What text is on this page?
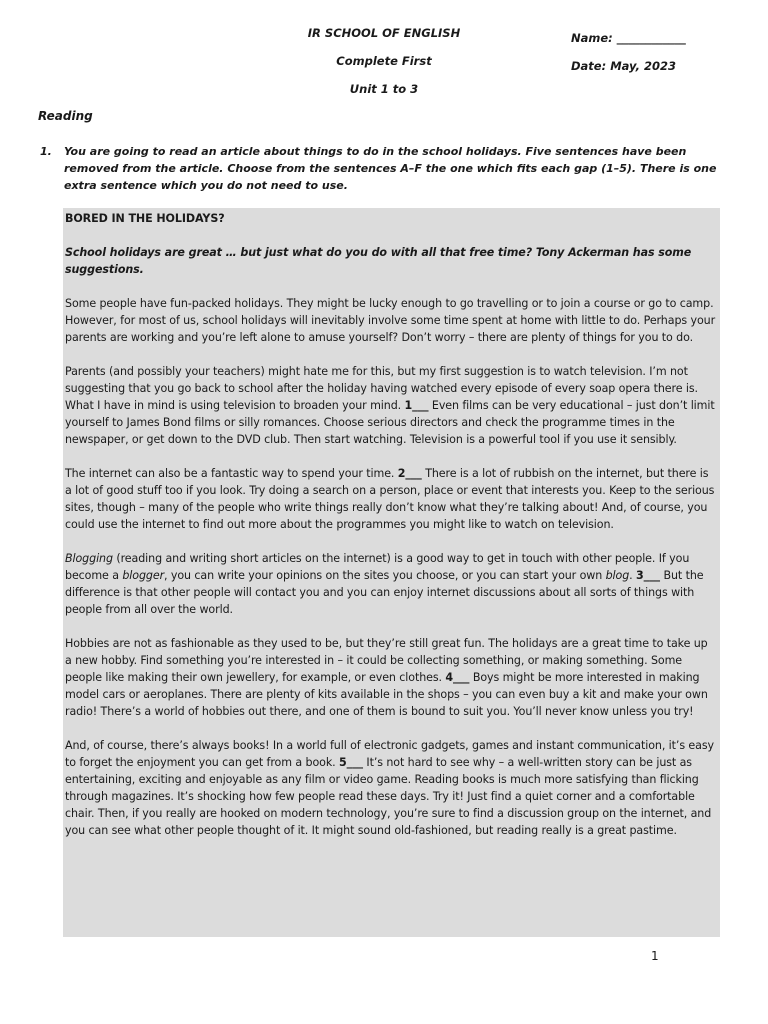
IR SCHOOL OF ENGLISH	Name: ____________
Complete First	Date: May, 2023
Unit 1 to 3
Reading
1. You are going to read an article about things to do in the school holidays. Five sentences have been removed from the article. Choose from the sentences A–F the one which fits each gap (1–5). There is one extra sentence which you do not need to use.

BORED IN THE HOLIDAYS?

School holidays are great … but just what do you do with all that free time? Tony Ackerman has some suggestions.

Some people have fun-packed holidays. They might be lucky enough to go travelling or to join a course or go to camp. However, for most of us, school holidays will inevitably involve some time spent at home with little to do. Perhaps your parents are working and you’re left alone to amuse yourself? Don’t worry – there are plenty of things for you to do.

Parents (and possibly your teachers) might hate me for this, but my first suggestion is to watch television. I’m not suggesting that you go back to school after the holiday having watched every episode of every soap opera there is. What I have in mind is using television to broaden your mind. 1___ Even films can be very educational – just don’t limit yourself to James Bond films or silly romances. Choose serious directors and check the programme times in the newspaper, or get down to the DVD club. Then start watching. Television is a powerful tool if you use it sensibly.

The internet can also be a fantastic way to spend your time. 2___ There is a lot of rubbish on the internet, but there is a lot of good stuff too if you look. Try doing a search on a person, place or event that interests you. Keep to the serious sites, though – many of the people who write things really don’t know what they’re talking about! And, of course, you could use the internet to find out more about the programmes you might like to watch on television.

Blogging (reading and writing short articles on the internet) is a good way to get in touch with other people. If you become a blogger, you can write your opinions on the sites you choose, or you can start your own blog. 3___ But the difference is that other people will contact you and you can enjoy internet discussions about all sorts of things with people from all over the world.

Hobbies are not as fashionable as they used to be, but they’re still great fun. The holidays are a great time to take up a new hobby. Find something you’re interested in – it could be collecting something, or making something. Some people like making their own jewellery, for example, or even clothes. 4___ Boys might be more interested in making model cars or aeroplanes. There are plenty of kits available in the shops – you can even buy a kit and make your own radio! There’s a world of hobbies out there, and one of them is bound to suit you. You’ll never know unless you try!

And, of course, there’s always books! In a world full of electronic gadgets, games and instant communication, it’s easy to forget the enjoyment you can get from a book. 5___ It’s not hard to see why – a well-written story can be just as entertaining, exciting and enjoyable as any film or video game. Reading books is much more satisfying than flicking through magazines. It’s shocking how few people read these days. Try it! Just find a quiet corner and a comfortable chair. Then, if you really are hooked on modern technology, you’re sure to find a discussion group on the internet, and you can see what other people thought of it. It might sound old-fashioned, but reading really is a great pastime.

1
